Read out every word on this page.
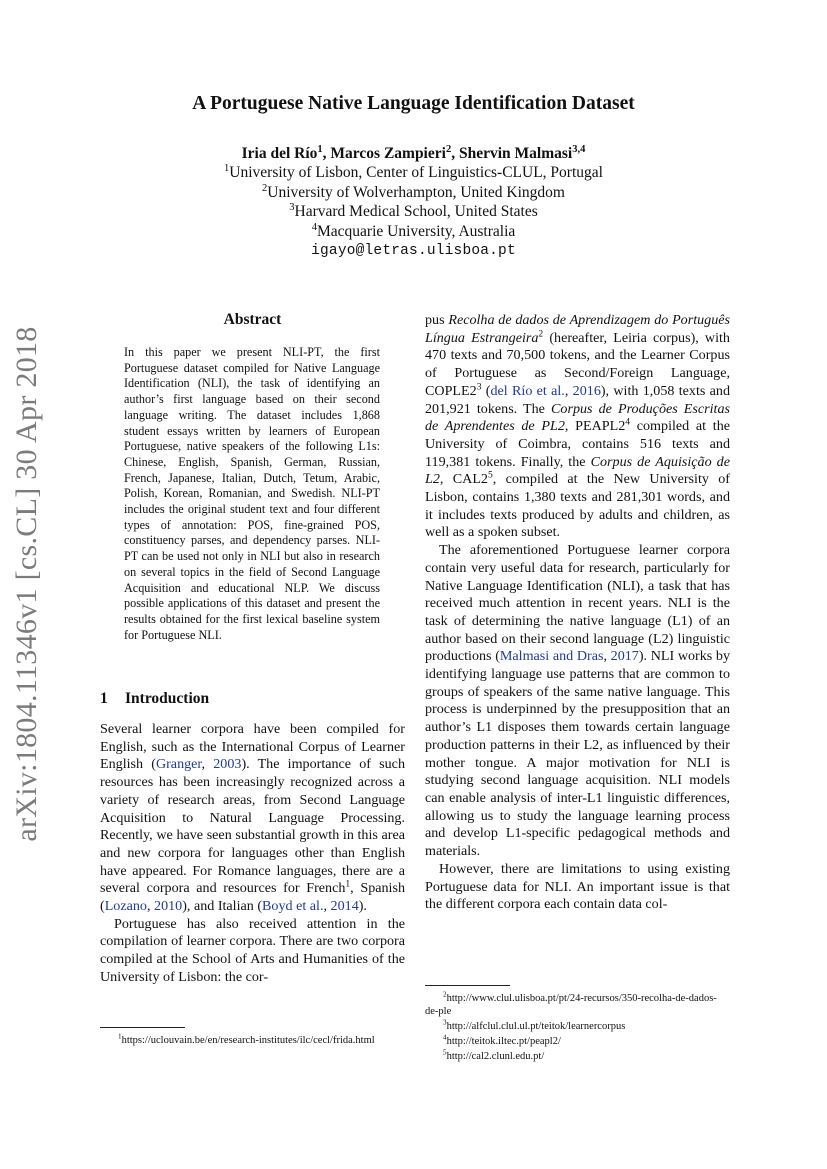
arXiv:1804.11346v1 [cs.CL] 30 Apr 2018
A Portuguese Native Language Identification Dataset
Iria del Río$^1$, Marcos Zampieri$^2$, Shervin Malmasi$^{3,4}$
$^1$University of Lisbon, Center of Linguistics-CLUL, Portugal
$^2$University of Wolverhampton, United Kingdom
$^3$Harvard Medical School, United States
$^4$Macquarie University, Australia
igayo@letras.ulisboa.pt
Abstract
In this paper we present NLI-PT, the first Portuguese dataset compiled for Native Language Identification (NLI), the task of identifying an author’s first language based on their second language writing. The dataset includes 1,868 student essays written by learners of European Portuguese, native speakers of the following L1s: Chinese, English, Spanish, German, Russian, French, Japanese, Italian, Dutch, Tetum, Arabic, Polish, Korean, Romanian, and Swedish. NLI-PT includes the original student text and four different types of annotation: POS, fine-grained POS, constituency parses, and dependency parses. NLI-PT can be used not only in NLI but also in research on several topics in the field of Second Language Acquisition and educational NLP. We discuss possible applications of this dataset and present the results obtained for the first lexical baseline system for Portuguese NLI.
1 Introduction

Several learner corpora have been compiled for English, such as the International Corpus of Learner English (Granger, 2003). The importance of such resources has been increasingly recognized across a variety of research areas, from Second Language Acquisition to Natural Language Processing. Recently, we have seen substantial growth in this area and new corpora for languages other than English have appeared. For Romance languages, there are a several corpora and resources for French$^1$, Spanish (Lozano, 2010), and Italian (Boyd et al., 2014).

Portuguese has also received attention in the compilation of learner corpora. There are two corpora compiled at the School of Arts and Humanities of the University of Lisbon: the cor-

$^1$https://uclouvain.be/en/research-institutes/ilc/cecl/frida.html

pus Recolha de dados de Aprendizagem do Português Língua Estrangeira$^2$ (hereafter, Leiria corpus), with 470 texts and 70,500 tokens, and the Learner Corpus of Portuguese as Second/Foreign Language, $COPLE2^3$ (del Río et al., 2016), with 1,058 texts and 201,921 tokens. The Corpus de Produções Escritas de Aprendentes de PL2, $PEAPL2^4$ compiled at the University of Coimbra, contains 516 texts and 119,381 tokens. Finally, the Corpus de Aquisição de L2, $CAL2^5$, compiled at the New University of Lisbon, contains 1,380 texts and 281,301 words, and it includes texts produced by adults and children, as well as a spoken subset.

The aforementioned Portuguese learner corpora contain very useful data for research, particularly for Native Language Identification (NLI), a task that has received much attention in recent years. NLI is the task of determining the native language (L1) of an author based on their second language (L2) linguistic productions (Malmasi and Dras, 2017). NLI works by identifying language use patterns that are common to groups of speakers of the same native language. This process is underpinned by the presupposition that an author’s L1 disposes them towards certain language production patterns in their L2, as influenced by their mother tongue. A major motivation for NLI is studying second language acquisition. NLI models can enable analysis of inter-L1 linguistic differences, allowing us to study the language learning process and develop L1-specific pedagogical methods and materials.

However, there are limitations to using existing Portuguese data for NLI. An important issue is that the different corpora each contain data col-

$^2$http://www.clul.ulisboa.pt/pt/24-recursos/350-recolha-de-dados-de-ple
$^3$http://alfclul.clul.ul.pt/teitok/learnercorpus
$^4$http://teitok.iltec.pt/peapl2/
$^5$http://cal2.clunl.edu.pt/
